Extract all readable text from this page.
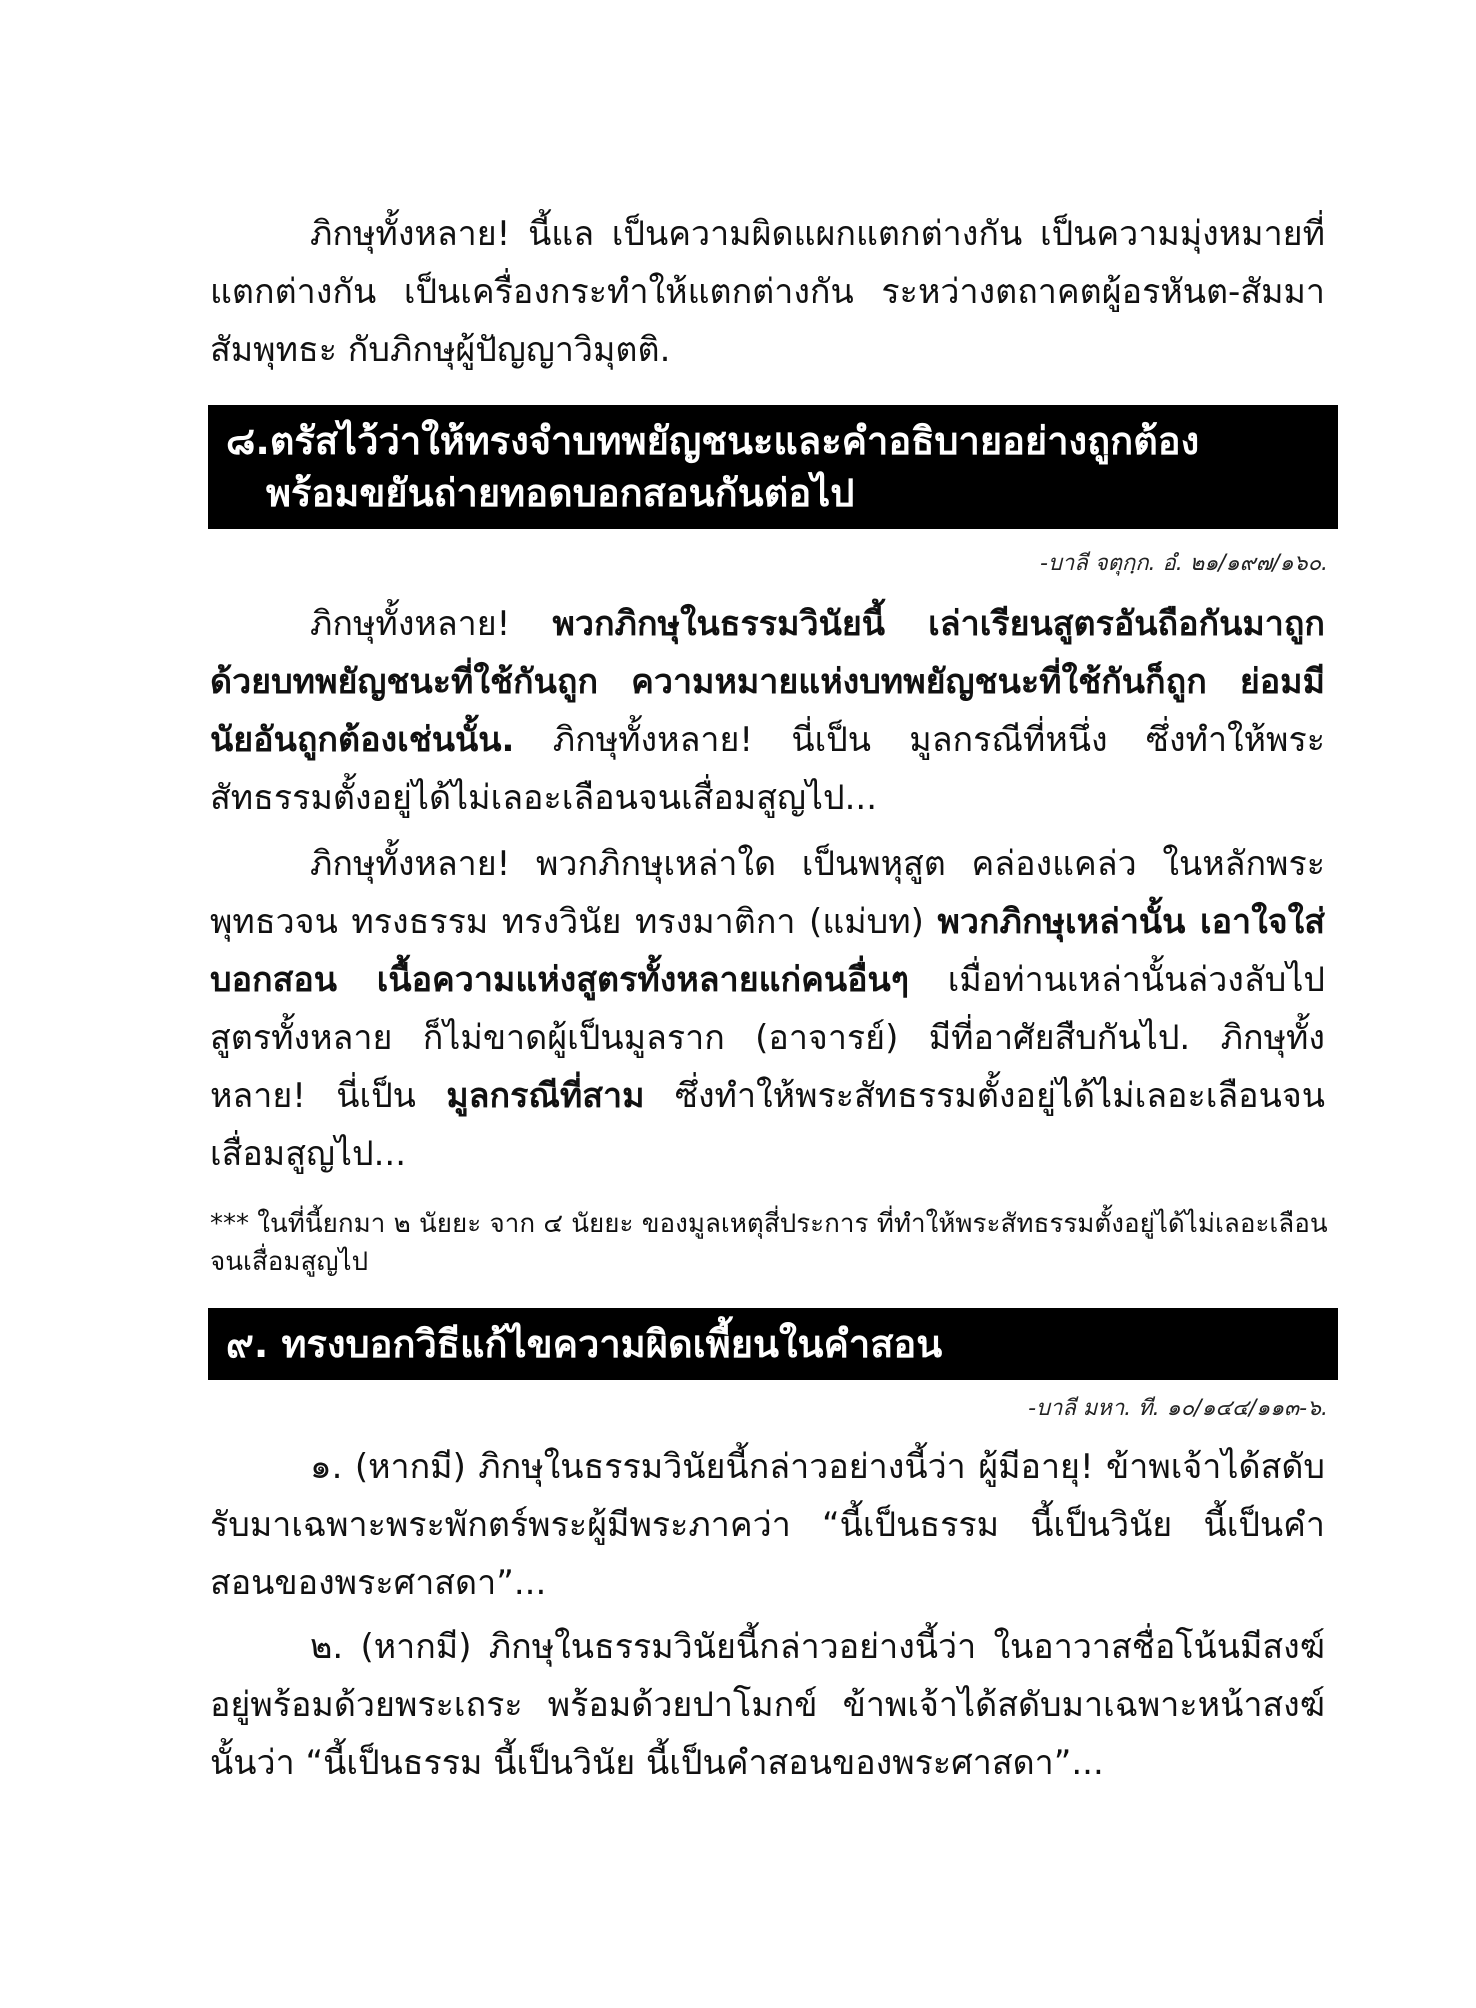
ภิกษุทั้งหลาย! นี้แล เป็นความผิดแผกแตกต่างกัน เป็นความมุ่งหมายที่แตกต่างกัน เป็นเครื่องกระทำให้แตกต่างกัน ระหว่างตถาคตผู้อรหันต-สัมมาสัมพุทธะ กับภิกษุผู้ปัญญาวิมุตติ.

๘.ตรัสไว้ว่าให้ทรงจำบทพยัญชนะและคำอธิบายอย่างถูกต้อง
พร้อมขยันถ่ายทอดบอกสอนกันต่อไป
-บาลี จตุกฺก. อํ. ๒๑/๑๙๗/๑๖๐.

ภิกษุทั้งหลาย! พวกภิกษุในธรรมวินัยนี้ เล่าเรียนสูตรอันถือกันมาถูก ด้วยบทพยัญชนะที่ใช้กันถูก ความหมายแห่งบทพยัญชนะที่ใช้กันก็ถูก ย่อมมีนัยอันถูกต้องเช่นนั้น. ภิกษุทั้งหลาย! นี่เป็น มูลกรณีที่หนึ่ง ซึ่งทำให้พระสัทธรรมตั้งอยู่ได้ไม่เลอะเลือนจนเสื่อมสูญไป...

ภิกษุทั้งหลาย! พวกภิกษุเหล่าใด เป็นพหุสูต คล่องแคล่ว ในหลักพระพุทธวจน ทรงธรรม ทรงวินัย ทรงมาติกา (แม่บท) พวกภิกษุเหล่านั้น เอาใจใส่ บอกสอน เนื้อความแห่งสูตรทั้งหลายแก่คนอื่นๆ เมื่อท่านเหล่านั้นล่วงลับไป สูตรทั้งหลาย ก็ไม่ขาดผู้เป็นมูลราก (อาจารย์) มีที่อาศัยสืบกันไป. ภิกษุทั้งหลาย! นี่เป็น มูลกรณีที่สาม ซึ่งทำให้พระสัทธรรมตั้งอยู่ได้ไม่เลอะเลือนจนเสื่อมสูญไป...

*** ในที่นี้ยกมา ๒ นัยยะ จาก ๔ นัยยะ ของมูลเหตุสี่ประการ ที่ทำให้พระสัทธรรมตั้งอยู่ได้ไม่เลอะเลือนจนเสื่อมสูญไป

๙. ทรงบอกวิธีแก้ไขความผิดเพี้ยนในคำสอน
-บาลี มหา. ที. ๑๐/๑๔๔/๑๑๓-๖.

๑. (หากมี) ภิกษุในธรรมวินัยนี้กล่าวอย่างนี้ว่า ผู้มีอายุ! ข้าพเจ้าได้สดับรับมาเฉพาะพระพักตร์พระผู้มีพระภาคว่า “นี้เป็นธรรม นี้เป็นวินัย นี้เป็นคำสอนของพระศาสดา”...

๒. (หากมี) ภิกษุในธรรมวินัยนี้กล่าวอย่างนี้ว่า ในอาวาสชื่อโน้นมีสงฆ์อยู่พร้อมด้วยพระเถระ พร้อมด้วยปาโมกข์ ข้าพเจ้าได้สดับมาเฉพาะหน้าสงฆ์นั้นว่า “นี้เป็นธรรม นี้เป็นวินัย นี้เป็นคำสอนของพระศาสดา”...
